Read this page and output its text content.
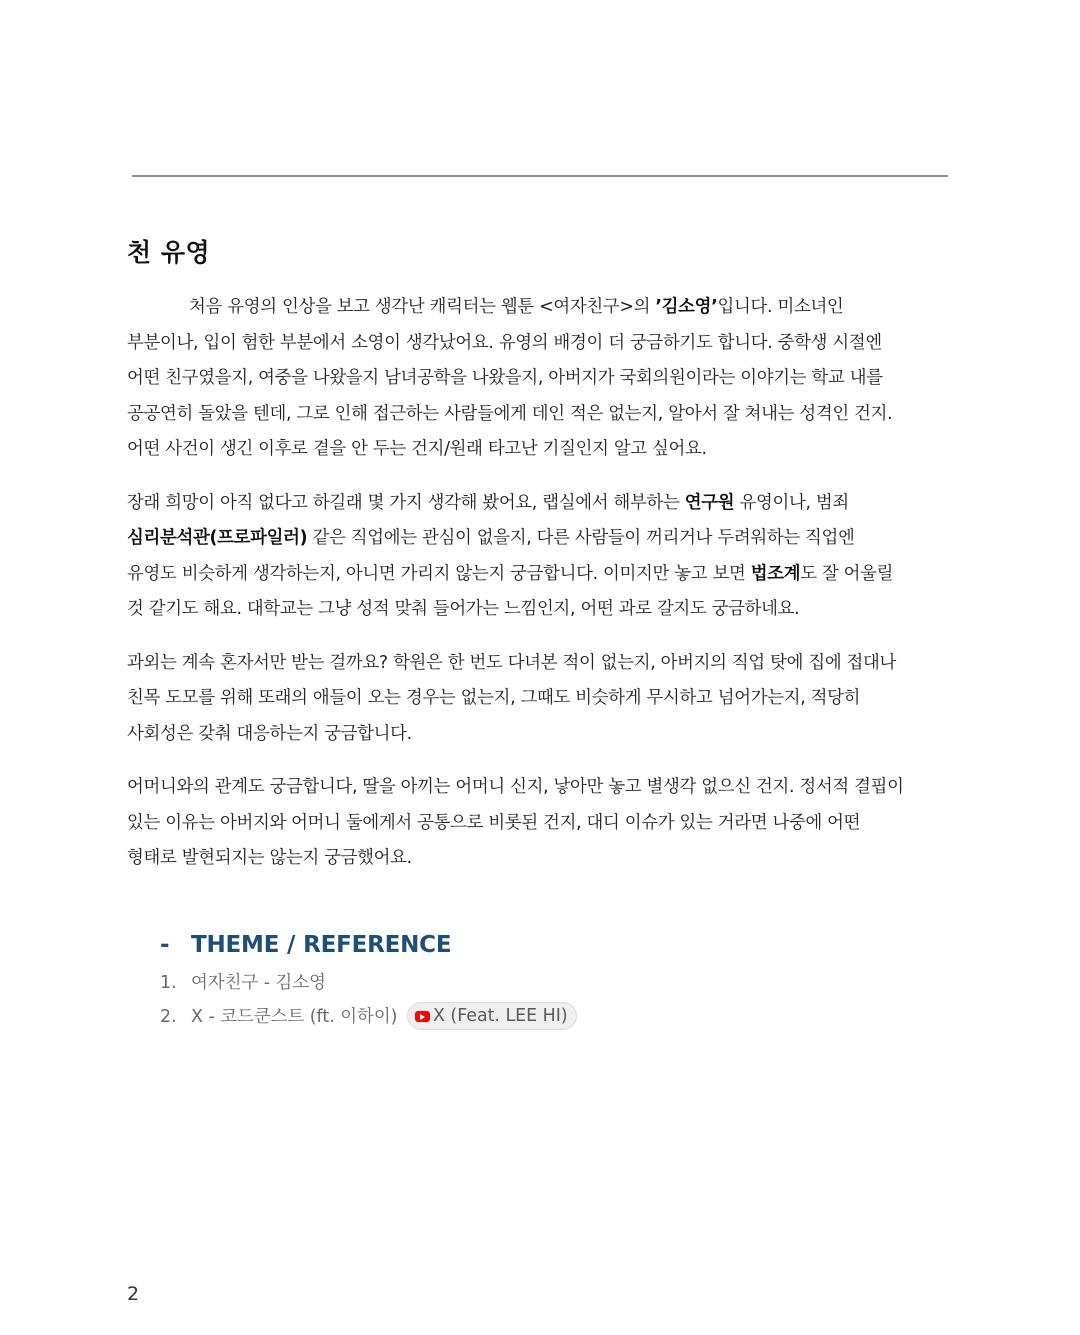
천 유영

처음 유영의 인상을 보고 생각난 캐릭터는 웹툰 <여자친구>의 ’김소영’입니다. 미소녀인
부분이나, 입이 험한 부분에서 소영이 생각났어요. 유영의 배경이 더 궁금하기도 합니다. 중학생 시절엔
어떤 친구였을지, 여중을 나왔을지 남녀공학을 나왔을지, 아버지가 국회의원이라는 이야기는 학교 내를
공공연히 돌았을 텐데, 그로 인해 접근하는 사람들에게 데인 적은 없는지, 알아서 잘 쳐내는 성격인 건지.
어떤 사건이 생긴 이후로 곁을 안 두는 건지/원래 타고난 기질인지 알고 싶어요.

장래 희망이 아직 없다고 하길래 몇 가지 생각해 봤어요, 랩실에서 해부하는 연구원 유영이나, 범죄
심리분석관(프로파일러) 같은 직업에는 관심이 없을지, 다른 사람들이 꺼리거나 두려워하는 직업엔
유영도 비슷하게 생각하는지, 아니면 가리지 않는지 궁금합니다. 이미지만 놓고 보면 법조계도 잘 어울릴
것 같기도 해요. 대학교는 그냥 성적 맞춰 들어가는 느낌인지, 어떤 과로 갈지도 궁금하네요.

과외는 계속 혼자서만 받는 걸까요? 학원은 한 번도 다녀본 적이 없는지, 아버지의 직업 탓에 집에 접대나
친목 도모를 위해 또래의 애들이 오는 경우는 없는지, 그때도 비슷하게 무시하고 넘어가는지, 적당히
사회성은 갖춰 대응하는지 궁금합니다.

어머니와의 관계도 궁금합니다, 딸을 아끼는 어머니 신지, 낳아만 놓고 별생각 없으신 건지. 정서적 결핍이
있는 이유는 아버지와 어머니 둘에게서 공통으로 비롯된 건지, 대디 이슈가 있는 거라면 나중에 어떤
형태로 발현되지는 않는지 궁금했어요.

- THEME / REFERENCE
1. 여자친구 - 김소영
2. X - 코드쿤스트 (ft. 이하이) X (Feat. LEE HI)
2
